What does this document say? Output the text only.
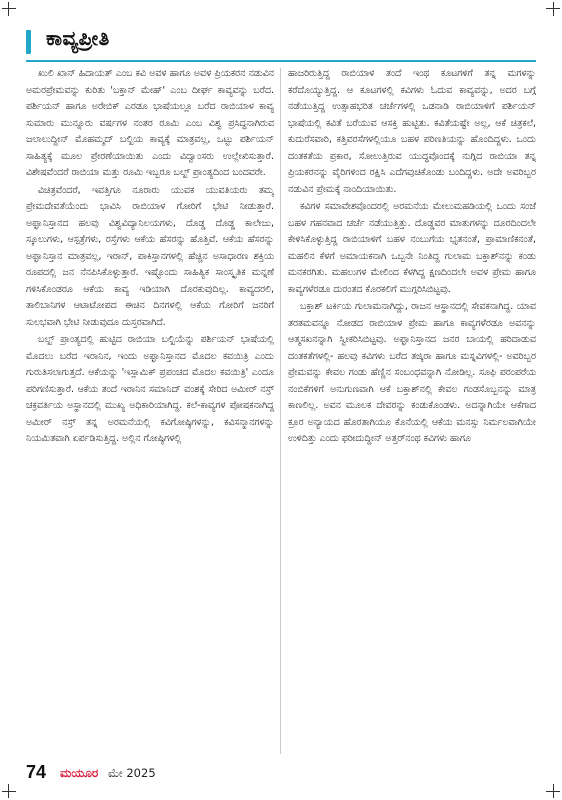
ಕಾವ್ಯಪ್ರೀತಿ

ಖುಲಿ ಖಾನ್ ಹಿದಾಯತ್ ಎಂಬ ಕವಿ ಅವಳ ಹಾಗೂ ಅವಳ ಪ್ರಿಯಕರನ ನಡುವಿನ ಅಮರಪ್ರೇಮವನ್ನು ಕುರಿತು 'ಬಕ್ತಾನ್ ಮೇಹ್' ಎಂಬ ದೀರ್ಘ ಕಾವ್ಯವನ್ನು ಬರೆದ. ಪರ್ಶಿಯನ್ ಹಾಗೂ ಅರೇಬಿಕ್ ಎರಡೂ ಭಾಷೆಯಲ್ಲೂ ಬರೆದ ರಾಬಿಯಾಳ ಕಾವ್ಯ ಸುಮಾರು ಮುನ್ನೂರು ವರ್ಷಗಳ ನಂತರ ರೂಮಿ ಎಂಬ ವಿಶ್ವ ಪ್ರಸಿದ್ಧನಾಗಿರುವ ಜಲಾಲುದ್ದೀನ್ ಮೊಹಮ್ಮದ್ ಬಲ್ಖಿಯ ಕಾವ್ಯಕ್ಕೆ ಮಾತ್ರವಲ್ಲ, ಒಟ್ಟು ಪರ್ಶಿಯನ್ ಸಾಹಿತ್ಯಕ್ಕೆ ಮೂಲ ಪ್ರೇರಣೆಯಾಯಿತು ಎಂದು ವಿದ್ವಾಂಸರು ಉಲ್ಲೇಖಿಸುತ್ತಾರೆ. ವಿಶೇಷವೆಂದರೆ ರಾಬಿಯಾ ಮತ್ತು ರೂಮಿ ಇಬ್ಬರೂ ಬಲ್ಖ್ ಪ್ರಾಂತ್ಯದಿಂದ ಬಂದವರೇ.

ವಿಚಿತ್ರವೆಂದರೆ, ಇವತ್ತಿಗೂ ನೂರಾರು ಯುವಕ ಯುವತಿಯರು ತಮ್ಮ ಪ್ರೇಮದೇವತೆಯೆಂದು ಭಾವಿಸಿ ರಾಬಿಯಾಳ ಗೋರಿಗೆ ಭೇಟಿ ನೀಡುತ್ತಾರೆ. ಅಫ್ಘಾನಿಸ್ತಾನದ ಹಲವು ವಿಶ್ವವಿದ್ಯಾನಿಲಯಗಳು, ದೊಡ್ಡ ದೊಡ್ಡ ಕಾಲೇಜು, ಸ್ಕೂಲುಗಳು, ಆಸ್ಪತ್ರೆಗಳು, ರಸ್ತೆಗಳು ಆಕೆಯ ಹೆಸರನ್ನು ಹೊತ್ತಿವೆ. ಆಕೆಯ ಹೆಸರನ್ನು ಅಫ್ಘಾನಿಸ್ತಾನ ಮಾತ್ರವಲ್ಲ, ಇರಾನ್, ಪಾಕಿಸ್ತಾನಗಳಲ್ಲಿ ಹೆಚ್ಚಿನ ಅಸಾಧಾರಣ ಶಕ್ತಿಯ ರೂಪದಲ್ಲಿ ಜನ ನೆನಪಿಸಿಕೊಳ್ಳುತ್ತಾರೆ. ಇಷ್ಟೊಂದು ಸಾಹಿತ್ಯಿಕ ಸಾಂಸ್ಕೃತಿಕ ಮನ್ನಣೆ ಗಳಿಸಿಕೊಂಡರೂ ಆಕೆಯ ಕಾವ್ಯ ಇಡಿಯಾಗಿ ದೊರಕುವುದಿಲ್ಲ. ಕಾವ್ಯದರಲಿ, ತಾಲಿಬಾನಿಗಳ ಆಟಾಟೋಪದ ಈಚಿನ ದಿನಗಳಲ್ಲಿ ಆಕೆಯ ಗೋರಿಗೆ ಜನರಿಗೆ ಸುಲಭವಾಗಿ ಭೇಟಿ ನೀಡುವುದೂ ದುಸ್ತರವಾಗಿದೆ.

ಬಲ್ಖ್ ಪ್ರಾಂತ್ಯದಲ್ಲಿ ಹುಟ್ಟಿದ ರಾಬಿಯಾ ಬಲ್ಖಿಯೆನ್ನು ಪರ್ಶಿಯನ್ ಭಾಷೆಯಲ್ಲಿ ಮೊದಲು ಬರೆದ ಇರಾನಿನ, ಇಂದು ಅಫ್ಘಾನಿಸ್ತಾನದ ಮೊದಲ ಕವಯಿತ್ರಿ ಎಂದು ಗುರುತಿಸಲಾಗುತ್ತದೆ. ಆಕೆಯನ್ನು 'ಇಸ್ಲಾಮಿಕ್ ಪ್ರಪಂಚದ ಮೊದಲ ಕವಯಿತ್ರಿ' ಎಂದೂ ಪರಿಗಣಿಸುತ್ತಾರೆ. ಆಕೆಯ ತಂದೆ ಇರಾನಿನ ಸಮಾನಿದ್ ವಂಶಕ್ಕೆ ಸೇರಿದ ಅಮೀರ್ ನಸ್ರ್ ಚಕ್ರವರ್ತಿಯ ಅಸ್ಥಾನದಲ್ಲಿ ಮುಖ್ಯ ಅಧಿಕಾರಿಯಾಗಿದ್ದ. ಕಲೆ-ಕಾವ್ಯಗಳ ಪೋಷಕನಾಗಿದ್ದ ಅಮೀರ್ ನಸ್ರ್ ತನ್ನ ಅರಮನೆಯಲ್ಲಿ ಕವಿಗೋಷ್ಠಿಗಳನ್ನು, ಕವಿಸನ್ಮಾನಗಳನ್ನು ನಿಯಮಿತವಾಗಿ ಏರ್ಪಡಿಸುತ್ತಿದ್ದ. ಅಲ್ಲಿನ ಗೋಷ್ಠಿಗಳಲ್ಲಿ

ಹಾಜರಿರುತ್ತಿದ್ದ ರಾಬಿಯಾಳ ತಂದೆ ಇಂಥ ಕೂಟಗಳಿಗೆ ತನ್ನ ಮಗಳನ್ನು ಕರೆದೊಯ್ಯುತ್ತಿದ್ದ. ಆ ಕೂಟಗಳಲ್ಲಿ ಕವಿಗಳು ಓದುವ ಕಾವ್ಯವನ್ನು, ಅದರ ಬಗ್ಗೆ ನಡೆಯುತ್ತಿದ್ದ ಉತ್ಸಾಹಭರಿತ ಚರ್ಚೆಗಳಲ್ಲಿ ಒಡನಾಡಿ ರಾಬಿಯಾಳಿಗೆ ಪರ್ಶಿಯನ್ ಭಾಷೆಯಲ್ಲಿ ಕವಿತೆ ಬರೆಯುವ ಆಸಕ್ತಿ ಹುಟ್ಟಿತು. ಕವಿತೆಯಷ್ಟೇ ಅಲ್ಲ, ಆಕೆ ಚಿತ್ರಕಲೆ, ಕುದುರೆಸವಾರಿ, ಕತ್ತಿವರಸೆಗಳಲ್ಲಿಯೂ ಬಹಳ ಪರಿಣತಿಯನ್ನು ಹೊಂದಿದ್ದಳು. ಒಂದು ದಂತಕತೆಯ ಪ್ರಕಾರ, ಸೋಲುತ್ತಿರುವ ಯುದ್ಧವೊಂದಕ್ಕೆ ನುಗ್ಗಿದ ರಾಬಿಯಾ ತನ್ನ ಪ್ರಿಯಕರನನ್ನು ವೈರಿಗಳಿಂದ ರಕ್ಷಿಸಿ ಎದೆಗವುಚಿಕೊಂಡು ಬಂದಿದ್ದಳು. ಅದೇ ಅವರಿಬ್ಬರ ನಡುವಿನ ಪ್ರೇಮಕ್ಕೆ ನಾಂದಿಯಾಯಿತು.

ಕವಿಗಳ ಸಮಾವೇಶವೊಂದರಲ್ಲಿ ಅರಮನೆಯ ಮೇಲುಮಹಡಿಯಲ್ಲಿ ಒಂದು ಸಂಜೆ ಬಹಳ ಗಹನವಾದ ಚರ್ಚೆ ನಡೆಯುತ್ತಿತ್ತು. ದೊಡ್ಡವರ ಮಾತುಗಳನ್ನು ದೂರದಿಂದಲೇ ಕೇಳಿಸಿಕೊಳ್ಳುತ್ತಿದ್ದ ರಾಬಿಯಾಳಿಗೆ ಬಹಳ ನಂಬುಗೆಯ ಭೃತನಂತೆ, ಪ್ರಾಮಾಣಿಕನಂತೆ, ಮಹಲಿನ ಕೆಳಗೆ ಅಮಾಯಕನಾಗಿ ಒಬ್ಬನೇ ನಿಂತಿದ್ದ ಗುಲಾಮ ಬಕ್ತಾಶ್‌ನನ್ನು ಕಂಡು ಮನಕರಗಿತು. ಮಹಲುಗಳ ಮೇಲಿಂದ ಕೆಳಗಿದ್ದ ಕ್ಷಣದಿಂದಲೇ ಅವಳ ಪ್ರೇಮ ಹಾಗೂ ಕಾವ್ಯಗಳೆರಡೂ ದುರಂತದ ಕೊರಕಲಿಗೆ ಮುಗ್ಗರಿಸಿಬಿಟ್ಟವು.

ಬಕ್ತಾಶ್ ಟರ್ಕಿಯ ಗುಲಾಮನಾಗಿದ್ದು, ರಾಜನ ಆಸ್ಥಾನದಲ್ಲಿ ಸೇವಕನಾಗಿದ್ದ. ಯಾವ ತರತಮವನ್ನೂ ನೋಡದ ರಾಬಿಯಾಳ ಪ್ರೇಮ ಹಾಗೂ ಕಾವ್ಯಗಳೆರಡೂ ಅವನನ್ನು ಆತ್ಮಸಖನನ್ನಾಗಿ ಸ್ವೀಕರಿಸಿಬಿಟ್ಟವು. ಅಫ್ಘಾನಿಸ್ತಾನದ ಜನರ ಬಾಯಲ್ಲಿ ಹರಿದಾಡುವ ದಂತಕತೆಗಳಲ್ಲಿ- ಹಲವು ಕವಿಗಳು ಬರೆದ ತಜ್ಕಿರಾ ಹಾಗೂ ಮಸ್ನವಿಗಳಲ್ಲಿ- ಅವರಿಬ್ಬರ ಪ್ರೇಮವನ್ನು ಕೇವಲ ಗಂಡು ಹೆಣ್ಣಿನ ಸಂಬಂಧವನ್ನಾಗಿ ನೋಡಿಲ್ಲ. ಸೂಫಿ ಪರಂಪರೆಯ ನಂಬಿಕೆಗಳಿಗೆ ಅನುಗುಣವಾಗಿ ಆಕೆ ಬಕ್ತಾಶ್‌ನಲ್ಲಿ ಕೇವಲ ಗಂಡಸೊಬ್ಬನನ್ನು ಮಾತ್ರ ಕಾಣಲಿಲ್ಲ. ಅವನ ಮೂಲಕ ದೇವರನ್ನು ಕಂಡುಕೊಂಡಳು. ಅದನ್ನಾಗಿಯೇ ಆಕೆಗಾದ ಕ್ರೂರ ಅನ್ಯಾಯದ ಹೊರತಾಗಿಯೂ ಕೊನೆಯಲ್ಲಿ ಆಕೆಯ ಮನಸ್ಸು ನಿರ್ಮಲವಾಗಿಯೇ ಉಳಿದಿತ್ತು ಎಂದು ಫರೀದುದ್ದೀನ್ ಅತ್ತರ್‌ನಂಥ ಕವಿಗಳು ಹಾಗೂ

74 ಮಯೂರ ಮೇ 2025
